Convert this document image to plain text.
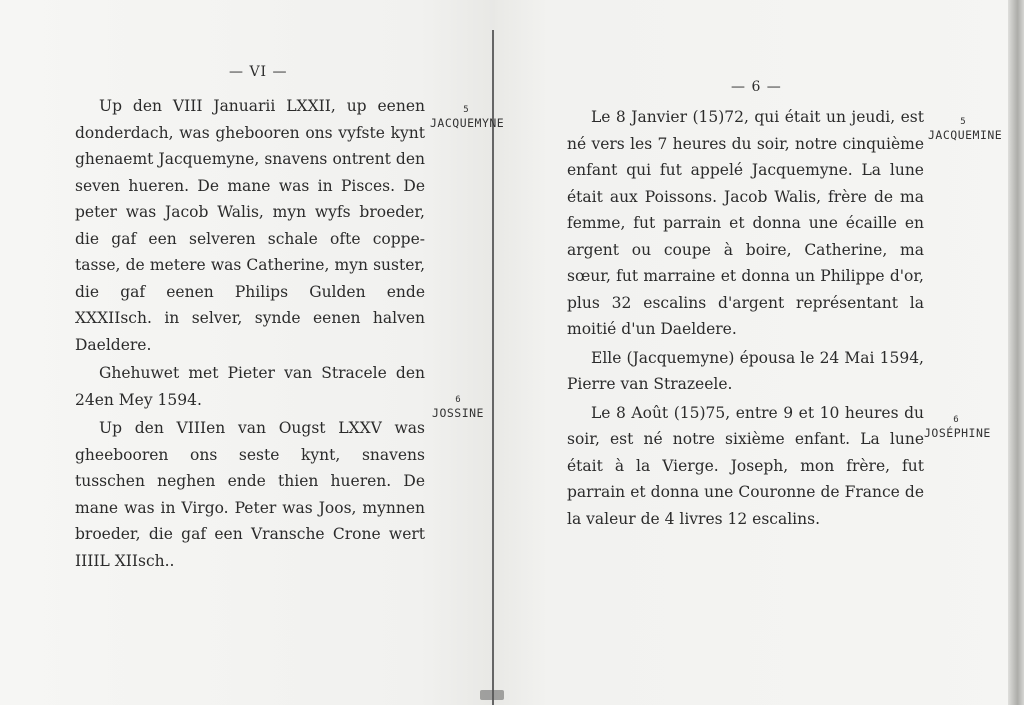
— VI —

Up den VIII Januarii LXXII, up eenen donderdach, was ghebooren ons vyfste kynt ghenaemt Jacquemyne, snavens ontrent den seven hueren. De mane was in Pisces. De peter was Jacob Walis, myn wyfs broeder, die gaf een selveren schale ofte coppe-tasse, de metere was Catherine, myn suster, die gaf eenen Philips Gulden ende XXXIIsch. in selver, synde eenen halven Daeldere.

Ghehuwet met Pieter van Stracele den 24en Mey 1594.

Up den VIIIen van Ougst LXXV was gheebooren ons seste kynt, snavens tusschen neghen ende thien hueren. De mane was in Virgo. Peter was Joos, mynnen broeder, die gaf een Vransche Crone wert IIIIL XIIsch..

5
JACQUEMYNE
6
JOSSINE
— 6 —

Le 8 Janvier (15)72, qui était un jeudi, est né vers les 7 heures du soir, notre cinquième enfant qui fut appelé Jacquemyne. La lune était aux Poissons. Jacob Walis, frère de ma femme, fut parrain et donna une écaille en argent ou coupe à boire, Catherine, ma sœur, fut marraine et donna un Philippe d'or, plus 32 escalins d'argent représentant la moitié d'un Daeldere.

Elle (Jacquemyne) épousa le 24 Mai 1594, Pierre van Strazeele.

Le 8 Août (15)75, entre 9 et 10 heures du soir, est né notre sixième enfant. La lune était à la Vierge. Joseph, mon frère, fut parrain et donna une Couronne de France de la valeur de 4 livres 12 escalins.

5
JACQUEMINE
6
JOSÉPHINE
